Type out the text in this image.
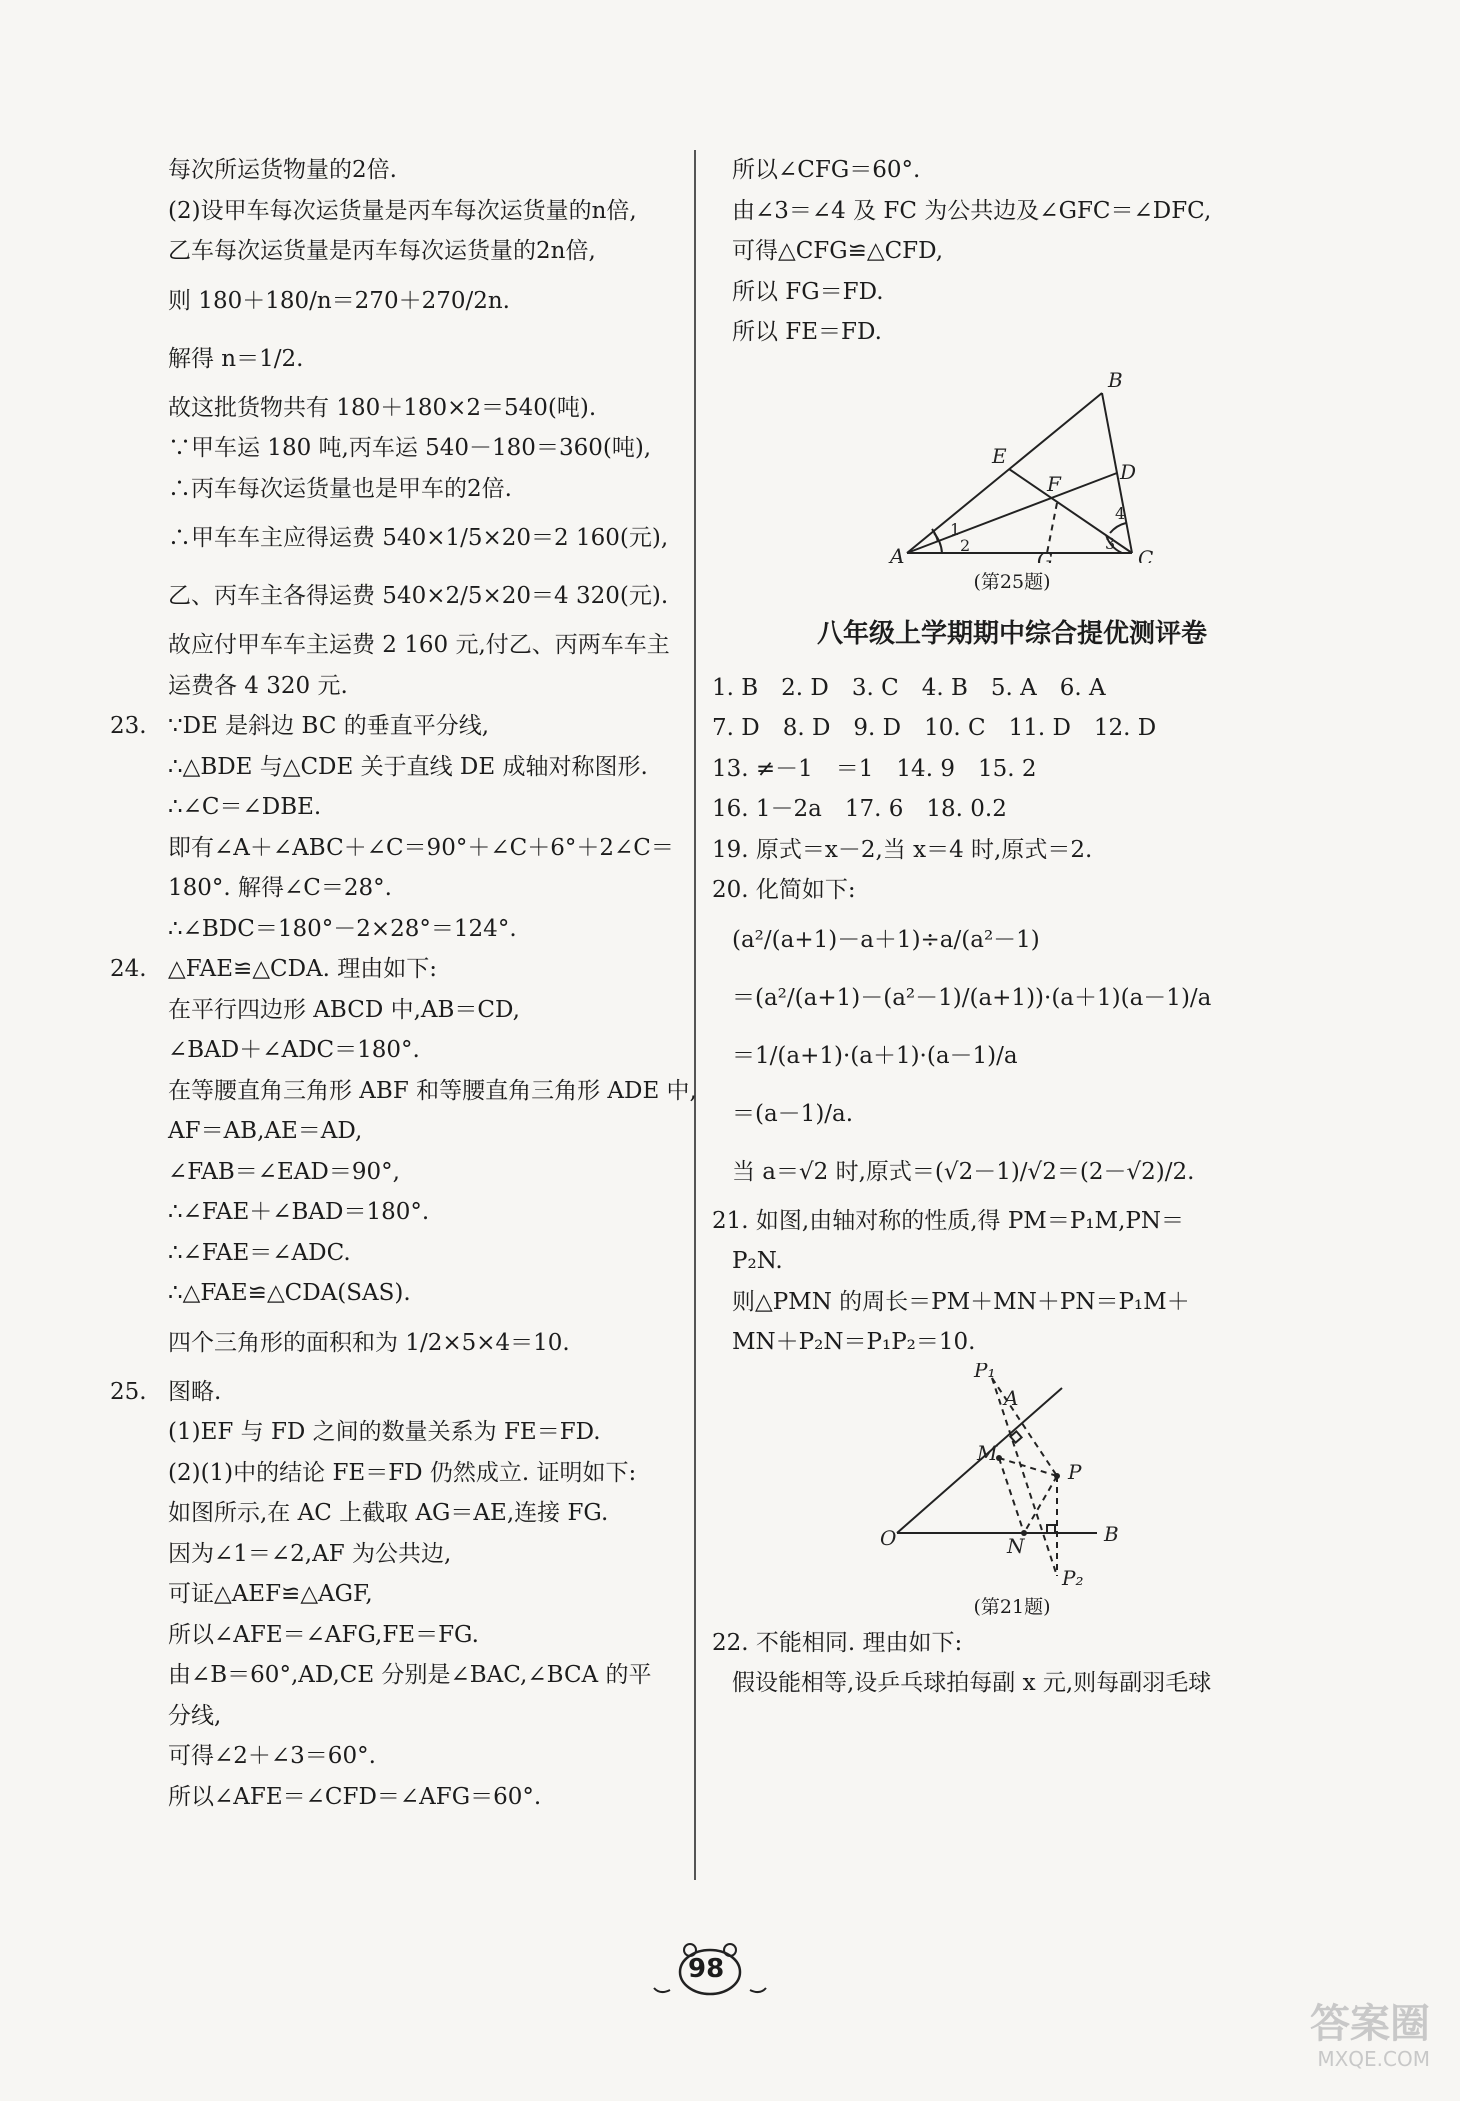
每次所运货物量的2倍.
(2)设甲车每次运货量是丙车每次运货量的n倍,
乙车每次运货量是丙车每次运货量的2n倍,
则 180＋180/n＝270＋270/2n.
解得 n＝1/2.
故这批货物共有 180＋180×2＝540(吨).
∵甲车运 180 吨,丙车运 540－180＝360(吨),
∴丙车每次运货量也是甲车的2倍.
∴甲车车主应得运费 540×1/5×20＝2 160(元),
乙、丙车主各得运费 540×2/5×20＝4 320(元).
故应付甲车车主运费 2 160 元,付乙、丙两车车主
运费各 4 320 元.
23. ∵DE 是斜边 BC 的垂直平分线,
∴△BDE 与△CDE 关于直线 DE 成轴对称图形.
∴∠C＝∠DBE.
即有∠A＋∠ABC＋∠C＝90°＋∠C＋6°＋2∠C＝
180°. 解得∠C＝28°.
∴∠BDC＝180°－2×28°＝124°.
24. △FAE≌△CDA. 理由如下:
在平行四边形 ABCD 中,AB＝CD,
∠BAD＋∠ADC＝180°.
在等腰直角三角形 ABF 和等腰直角三角形 ADE 中,
AF＝AB,AE＝AD,
∠FAB＝∠EAD＝90°,
∴∠FAE＋∠BAD＝180°.
∴∠FAE＝∠ADC.
∴△FAE≌△CDA(SAS).
四个三角形的面积和为 1/2×5×4＝10.
25. 图略.
(1)EF 与 FD 之间的数量关系为 FE＝FD.
(2)(1)中的结论 FE＝FD 仍然成立. 证明如下:
如图所示,在 AC 上截取 AG＝AE,连接 FG.
因为∠1＝∠2,AF 为公共边,
可证△AEF≌△AGF,
所以∠AFE＝∠AFG,FE＝FG.
由∠B＝60°,AD,CE 分别是∠BAC,∠BCA 的平
分线,
可得∠2＋∠3＝60°.
所以∠AFE＝∠CFD＝∠AFG＝60°.
所以∠CFG＝60°.
由∠3＝∠4 及 FC 为公共边及∠GFC＝∠DFC,
可得△CFG≌△CFD,
所以 FG＝FD.
所以 FE＝FD.
B
E
F	D
A	G	C
1
2	3
4
(第25题)
八年级上学期期中综合提优测评卷
1. B　2. D　3. C　4. B　5. A　6. A
7. D　8. D　9. D　10. C　11. D　12. D
13. ≠－1　＝1　14. 9　15. 2
16. 1－2a　17. 6　18. 0.2
19. 原式＝x－2,当 x＝4 时,原式＝2.
20. 化简如下:
(a²/(a+1)－a＋1)÷a/(a²－1)
＝(a²/(a+1)－(a²－1)/(a+1))·(a＋1)(a－1)/a
＝1/(a+1)·(a＋1)·(a－1)/a
＝(a－1)/a.
当 a＝√2 时,原式＝(√2－1)/√2＝(2－√2)/2.
21. 如图,由轴对称的性质,得 PM＝P₁M,PN＝
P₂N.
则△PMN 的周长＝PM＋MN＋PN＝P₁M＋
MN＋P₂N＝P₁P₂＝10.
P₁
A
M
P
O	N	B
P₂
(第21题)
22. 不能相同. 理由如下:
假设能相等,设乒乓球拍每副 x 元,则每副羽毛球
98
答案圈
MXQE.COM
